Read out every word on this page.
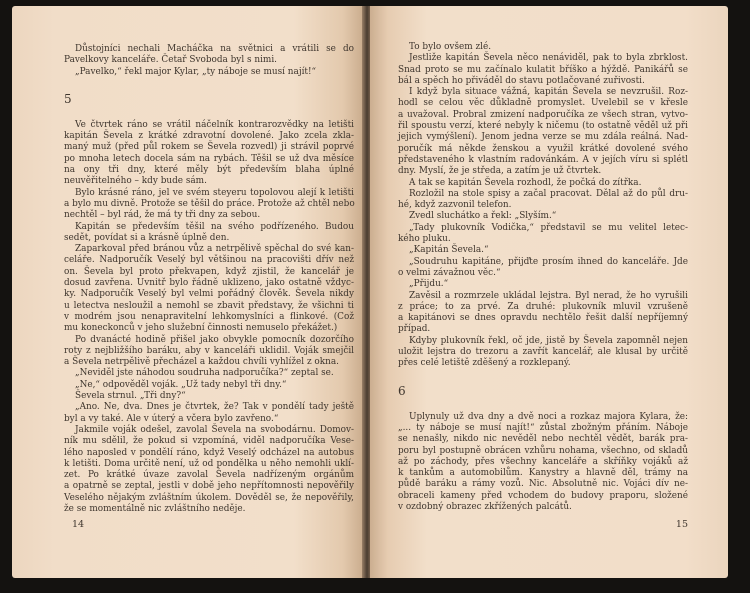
Důstojníci nechali Macháčka na světnici a vrátili se do
Pavelkovy kanceláře. Četař Svoboda byl s nimi.
„Pavelko,“ řekl major Kylar, „ty náboje se musí najít!“
5
Ve čtvrtek ráno se vrátil náčelník kontrarozvědky na letišti
kapitán Ševela z krátké zdravotní dovolené. Jako zcela zkla-
maný muž (před půl rokem se Ševela rozvedl) ji strávil poprvé
po mnoha letech docela sám na rybách. Těšil se už dva měsíce
na ony tři dny, které měly být především blaha úplné
neuvěřitelného – kdy bude sám.
Bylo krásné ráno, jel ve svém steyeru topolovou alejí k letišti
a bylo mu divně. Protože se těšil do práce. Protože až chtěl nebo
nechtěl – byl rád, že má ty tři dny za sebou.
Kapitán se především těšil na svého podřízeného. Budou
sedět, povídat si a krásně úplně den.
Zaparkoval před bránou vůz a netrpělivě spěchal do své kan-
celáře. Nadporučík Veselý byl většinou na pracovišti dřív než
on. Ševela byl proto překvapen, když zjistil, že kancelář je
dosud zavřena. Uvnitř bylo řádně uklizeno, jako ostatně vždyc-
ky. Nadporučík Veselý byl velmi pořádný člověk. Ševela nikdy
u letectva nesloužil a nemohl se zbavit představy, že všichni ti
v modrém jsou nenapravitelní lehkomyslníci a flinkové. (Což
mu koneckonců v jeho služební činnosti nemuselo překážet.)
Po dvanácté hodině přišel jako obvykle pomocník dozorčího
roty z nejbližšího baráku, aby v kanceláři uklidil. Voják smejčil
a Ševela netrpělivě přecházel a každou chvíli vyhlížel z okna.
„Neviděl jste náhodou soudruha nadporučíka?“ zeptal se.
„Ne,“ odpověděl voják. „Už tady nebyl tři dny.“
Ševela strnul. „Tři dny?“
„Ano. Ne, dva. Dnes je čtvrtek, že? Tak v pondělí tady ještě
byl a vy také. Ale v úterý a včera bylo zavřeno.“
Jakmile voják odešel, zavolal Ševela na svobodárnu. Domov-
ník mu sdělil, že pokud si vzpomíná, viděl nadporučíka Vese-
lého naposled v pondělí ráno, když Veselý odcházel na autobus
k letišti. Doma určitě není, už od pondělka u něho nemohli uklí-
zet. Po krátké úvaze zavolal Ševela nadřízeným orgánům
a opatrně se zeptal, jestli v době jeho nepřítomnosti nepověřily
Veselého nějakým zvláštním úkolem. Dověděl se, že nepověřily,
že se momentálně nic zvláštního neděje.
14
To bylo ovšem zlé.
Jestliže kapitán Ševela něco nenáviděl, pak to byla zbrklost.
Snad proto se mu začínalo kulatit bříško a hýždě. Panikářů se
bál a spěch ho přiváděl do stavu potlačované zuřivosti.
I když byla situace vážná, kapitán Ševela se nevzrušil. Roz-
hodl se celou věc důkladně promyslet. Uvelebil se v křesle
a uvažoval. Probral zmizení nadporučíka ze všech stran, vytvo-
řil spoustu verzí, které nebyly k ničemu (to ostatně věděl už při
jejich vymýšlení). Jenom jedna verze se mu zdála reálná. Nad-
poručík má někde ženskou a využil krátké dovolené svého
představeného k vlastním radovánkám. A v jejích víru si splétl
dny. Myslí, že je středa, a zatím je už čtvrtek.
A tak se kapitán Ševela rozhodl, že počká do zítřka.
Rozložil na stole spisy a začal pracovat. Dělal až do půl dru-
hé, když zazvonil telefon.
Zvedl sluchátko a řekl: „Slyším.“
„Tady plukovník Vodička,“ představil se mu velitel letec-
kého pluku.
„Kapitán Ševela.“
„Soudruhu kapitáne, přijďte prosím ihned do kanceláře. Jde
o velmi závažnou věc.“
„Přijdu.“
Zavěsil a rozmrzele ukládal lejstra. Byl nerad, že ho vyrušili
z práce; to za prvé. Za druhé: plukovník mluvil vzrušeně
a kapitánovi se dnes opravdu nechtělo řešit další nepříjemný
případ.
Kdyby plukovník řekl, oč jde, jistě by Ševela zapomněl nejen
uložit lejstra do trezoru a zavřít kancelář, ale klusal by určitě
přes celé letiště zděšený a rozklepaný.
6
Uplynuly už dva dny a dvě noci a rozkaz majora Kylara, že:
„... ty náboje se musí najít!“ zůstal zbožným přáním. Náboje
se nenašly, nikdo nic nevěděl nebo nechtěl vědět, barák pra-
poru byl postupně obrácen vzhůru nohama, všechno, od skladů
až po záchody, přes všechny kanceláře a skříňky vojáků až
k tankům a automobilům. Kanystry a hlavně děl, trámy na
půdě baráku a rámy vozů. Nic. Absolutně nic. Vojáci dív ne-
obraceli kameny před vchodem do budovy praporu, složené
v ozdobný obrazec zkřížených palcátů.
15
